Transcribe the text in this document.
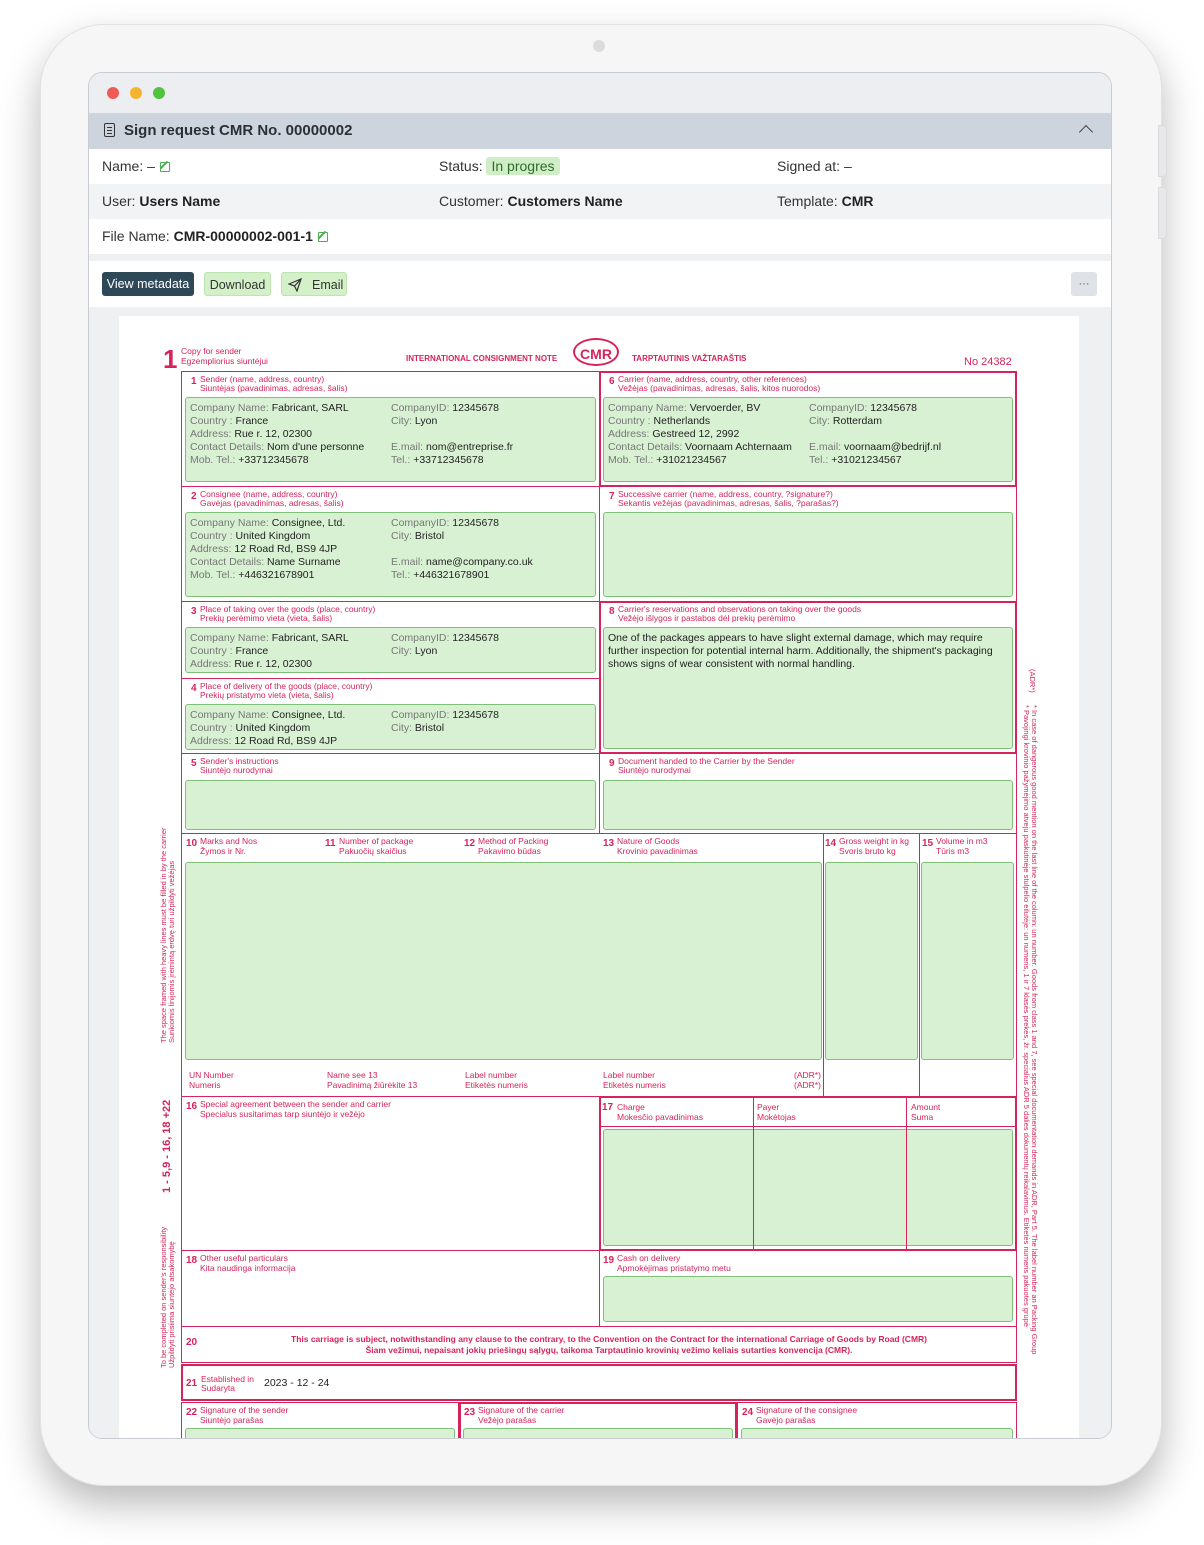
Sign request CMR No. 00000002
Name: –	Status: In progres	Signed at: –
User: Users Name	Customer: Customers Name	Template: CMR
File Name: CMR-00000002-001-1
View metadata	Download	Email	···
1 Copy for sender
Egzempliorius siuntėjui	INTERNATIONAL CONSIGNMENT NOTE	CMR	TARPTAUTINIS VAŽTARAŠTIS	No 24382
1 Sender (name, address, country)
Siuntėjas (pavadinimas, adresas, šalis)
Company Name: Fabricant, SARL	CompanyID: 12345678
Country : France	City: Lyon
Address: Rue r. 12, 02300
Contact Details: Nom d'une personne	E.mail: nom@entreprise.fr
Mob. Tel.: +33712345678	Tel.: +33712345678
6 Carrier (name, address, country, other references)
Vežėjas (pavadinimas, adresas, šalis, kitos nuorodos)
Company Name: Vervoerder, BV	CompanyID: 12345678
Country : Netherlands	City: Rotterdam
Address: Gestreed 12, 2992
Contact Details: Voornaam Achternaam E.mail: voornaam@bedrijf.nl
Mob. Tel.: +31021234567	Tel.: +31021234567
2 Consignee (name, address, country)
Gavėjas (pavadinimas, adresas, šalis)
Company Name: Consignee, Ltd.	CompanyID: 12345678
Country : United Kingdom	City: Bristol
Address: 12 Road Rd, BS9 4JP
Contact Details: Name Surname	E.mail: name@company.co.uk
Mob. Tel.: +446321678901	Tel.: +446321678901
7 Successive carrier (name, address, country, ?signature?)
Sekantis vežėjas (pavadinimas, adresas, šalis, ?parašas?)
3 Place of taking over the goods (place, country)
Prekių perėmimo vieta (vieta, šalis)
Company Name: Fabricant, SARL	CompanyID: 12345678
Country : France	City: Lyon
Address: Rue r. 12, 02300
8 Carrier's reservations and observations on taking over the goods
Vežėjo išlygos ir pastabos dėl prekių perėmimo
One of the packages appears to have slight external damage, which may require
further inspection for potential internal harm. Additionally, the shipment's packaging
shows signs of wear consistent with normal handling.
4 Place of delivery of the goods (place, country)
Prekių pristatymo vieta (vieta, šalis)
Company Name: Consignee, Ltd.	CompanyID: 12345678
Country : United Kingdom	City: Bristol
Address: 12 Road Rd, BS9 4JP
5 Sender's instructions
Siuntėjo nurodymai
9 Document handed to the Carrier by the Sender
Siuntėjo nurodymai
10 Marks and Nos
Žymos ir Nr.
11 Number of package
Pakuočių skaičius
12 Method of Packing
Pakavimo būdas
13 Nature of Goods
Krovinio pavadinimas
14 Gross weight in kg
Svoris bruto kg
15 Volume in m3
Tūris m3
UN Number
Numeris
Name see 13
Pavadinimą žiūrėkite 13
Label number
Etiketės numeris
Label number
Etiketės numeris
(ADR*)
(ADR*)
16 Special agreement between the sender and carrier
Specialus susitarimas tarp siuntėjo ir vežėjo
17 Charge
Mokesčio pavadinimas
Payer
Mokėtojas
Amount
Suma
18 Other useful particulars
Kita naudinga informacija
19 Cash on delivery
Apmokėjimas pristatymo metu
20	This carriage is subject, notwithstanding any clause to the contrary, to the Convention on the Contract for the international Carriage of Goods by Road (CMR)
Šiam vežimui, nepaisant jokių priešingų sąlygų, taikoma Tarptautinio krovinių vežimo keliais sutarties konvencija (CMR).
21 Established in
Sudaryta	2023 - 12 - 24
22 Signature of the sender
Siuntėjo parašas
23 Signature of the carrier
Vežėjo parašas
24 Signature of the consignee
Gavėjo parašas
The space framed with heavy lines must be filled in by the carrier Sunkiomis linijomis įrėmintą erdvę turi užpildyti vežėjas
1 - 5,9 - 16, 18 +22
To be completed on sender's responsibility Užpildyti prisiima siuntėjo atsakomybę
(ADR*)
* In case of dangerous good mention on the last line of the column: un number. Goods from class 1 and 7, see special documentation demands in ADR, Part 5. The label number an Packing Group
* Pavojingi krovinio pažymėjimo atveju paskutinėje stulpelio eilutėje: un numeris, 1 ir 7 klasės prekės, žr. specialius ADR 5 dalies dokumentų reikalavimus. Etiketės numeris pakuotės grupė
